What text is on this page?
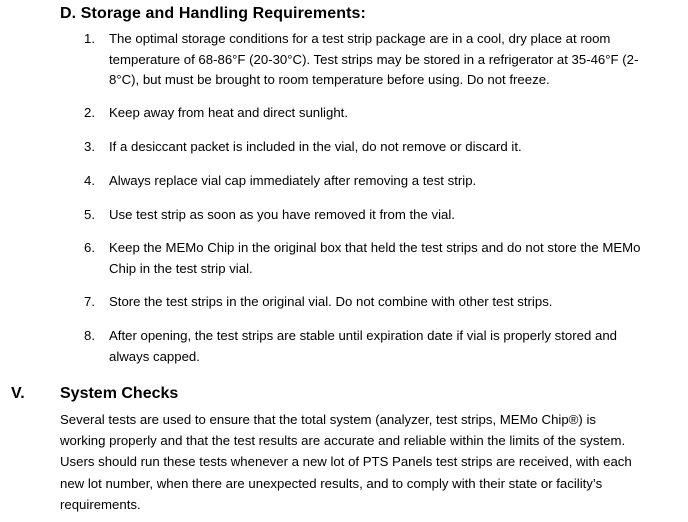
D. Storage and Handling Requirements:
1.	The optimal storage conditions for a test strip package are in a cool, dry place at room temperature of 68-86°F (20-30°C). Test strips may be stored in a refrigerator at 35-46°F (2-8°C), but must be brought to room temperature before using. Do not freeze.
2.	Keep away from heat and direct sunlight.
3.	If a desiccant packet is included in the vial, do not remove or discard it.
4.	Always replace vial cap immediately after removing a test strip.
5.	Use test strip as soon as you have removed it from the vial.
6.	Keep the MEMo Chip in the original box that held the test strips and do not store the MEMo Chip in the test strip vial.
7.	Store the test strips in the original vial. Do not combine with other test strips.
8.	After opening, the test strips are stable until expiration date if vial is properly stored and always capped.
V. System Checks
Several tests are used to ensure that the total system (analyzer, test strips, MEMo Chip®) is working properly and that the test results are accurate and reliable within the limits of the system. Users should run these tests whenever a new lot of PTS Panels test strips are received, with each new lot number, when there are unexpected results, and to comply with their state or facility’s requirements.
